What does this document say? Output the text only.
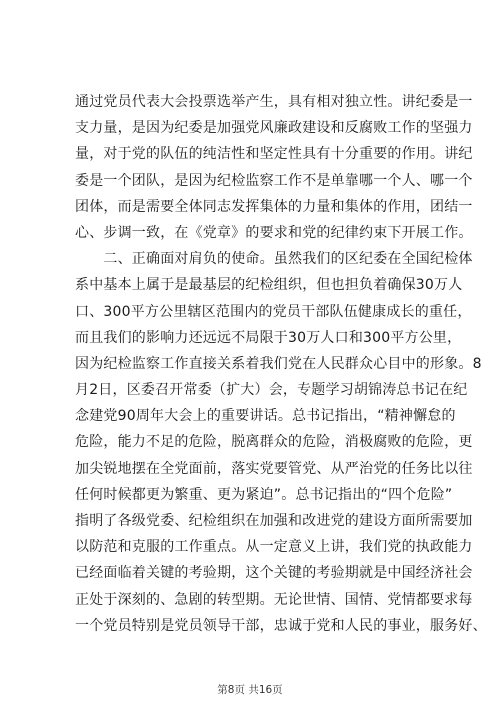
通过党员代表大会投票选举产生，具有相对独立性。讲纪委是一
支力量，是因为纪委是加强党风廉政建设和反腐败工作的坚强力
量，对于党的队伍的纯洁性和坚定性具有十分重要的作用。讲纪
委是一个团队，是因为纪检监察工作不是单靠哪一个人、哪一个
团体，而是需要全体同志发挥集体的力量和集体的作用，团结一
心、步调一致，在《党章》的要求和党的纪律约束下开展工作。
　　二、正确面对肩负的使命。虽然我们的区纪委在全国纪检体
系中基本上属于是最基层的纪检组织，但也担负着确保30万人
口、300平方公里辖区范围内的党员干部队伍健康成长的重任，
而且我们的影响力还远远不局限于30万人口和300平方公里，
因为纪检监察工作直接关系着我们党在人民群众心目中的形象。8
月2日，区委召开常委（扩大）会，专题学习胡锦涛总书记在纪
念建党90周年大会上的重要讲话。总书记指出，“精神懈怠的
危险，能力不足的危险，脱离群众的危险，消极腐败的危险，更
加尖锐地摆在全党面前，落实党要管党、从严治党的任务比以往
任何时候都更为繁重、更为紧迫”。总书记指出的“四个危险”
指明了各级党委、纪检组织在加强和改进党的建设方面所需要加
以防范和克服的工作重点。从一定意义上讲，我们党的执政能力
已经面临着关键的考验期，这个关键的考验期就是中国经济社会
正处于深刻的、急剧的转型期。无论世情、国情、党情都要求每
一个党员特别是党员领导干部，忠诚于党和人民的事业，服务好、
第8页 共16页
